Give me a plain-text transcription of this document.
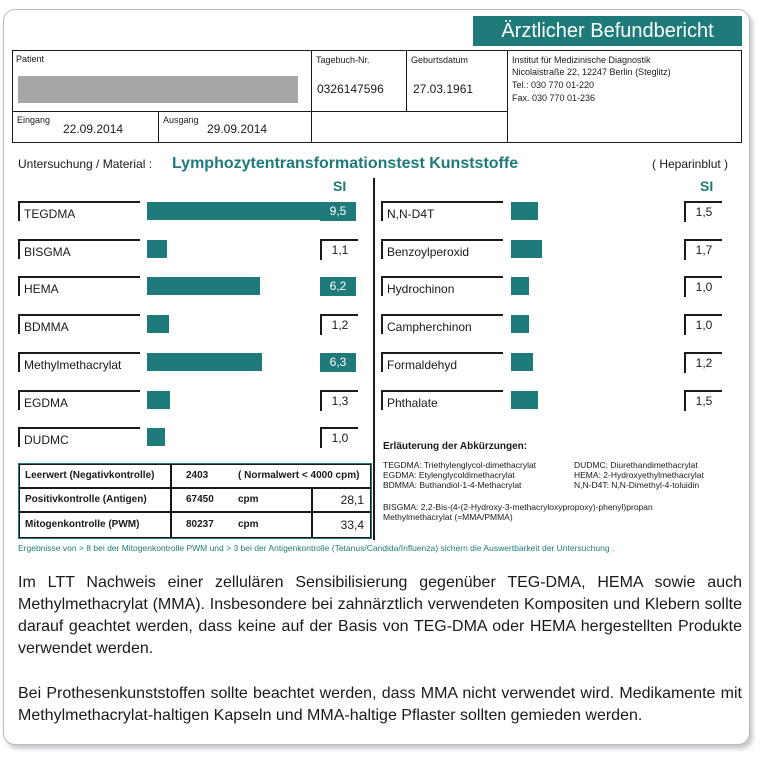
Ärztlicher Befundbericht
Patient	Tagebuch-Nr.
0326147596
Geburtsdatum
27.03.1961
Institut für Medizinische Diagnostik
Nicolaistraße 22, 12247 Berlin (Steglitz)
Tel.: 030 770 01-220
Fax. 030 770 01-236
Eingang
22.09.2014
Ausgang
29.09.2014
Untersuchung / Material : Lymphozytentransformationstest Kunststoffe	( Heparinblut )
SI	SI
TEGDMA	9,5
BISGMA	1,1
HEMA	6,2
BDMMA	1,2
Methylmethacrylat	6,3
EGDMA	1,3
DUDMC	1,0
N,N-D4T	1,5
Benzoylperoxid	1,7
Hydrochinon	1,0
Campherchinon	1,0
Formaldehyd	1,2
Phthalate	1,5
Leerwert (Negativkontrolle)	2403	( Normalwert < 4000 cpm)
Positivkontrolle (Antigen)	67450 cpm	28,1
Mitogenkontrolle (PWM)	80237 cpm	33,4
Erläuterung der Abkürzungen:
TEGDMA: Triethylenglycol-dimethacrylat
EGDMA: Etylenglycoldimethacrylat
BDMMA: Buthandiol-1-4-Methacrylat
DUDMC: Diurethandimethacrylat
HEMA: 2-Hydroxyethylmethacrylat
N,N-D4T: N,N-Dimethyl-4-toluidin
BISGMA: 2,2-Bis-(4-(2-Hydroxy-3-methacryloxypropoxy)-phenyl)propan
Methylmethacrylat (=MMA/PMMA)
Ergebnisse von > 8 bei der Mitogenkontrolle PWM und > 3 bei der Antigenkontrolle (Tetanus/Candida/Influenza) sichern die Auswertbarkeit der Untersuchung .
Im LTT Nachweis einer zellulären Sensibilisierung gegenüber TEG-DMA, HEMA sowie auch Methylmethacrylat (MMA). Insbesondere bei zahnärztlich verwendeten Kompositen und Klebern sollte darauf geachtet werden, dass keine auf der Basis von TEG-DMA oder HEMA hergestellten Produkte verwendet werden.
Bei Prothesenkunststoffen sollte beachtet werden, dass MMA nicht verwendet wird. Medikamente mit Methylmethacrylat-haltigen Kapseln und MMA-haltige Pflaster sollten gemieden werden.
